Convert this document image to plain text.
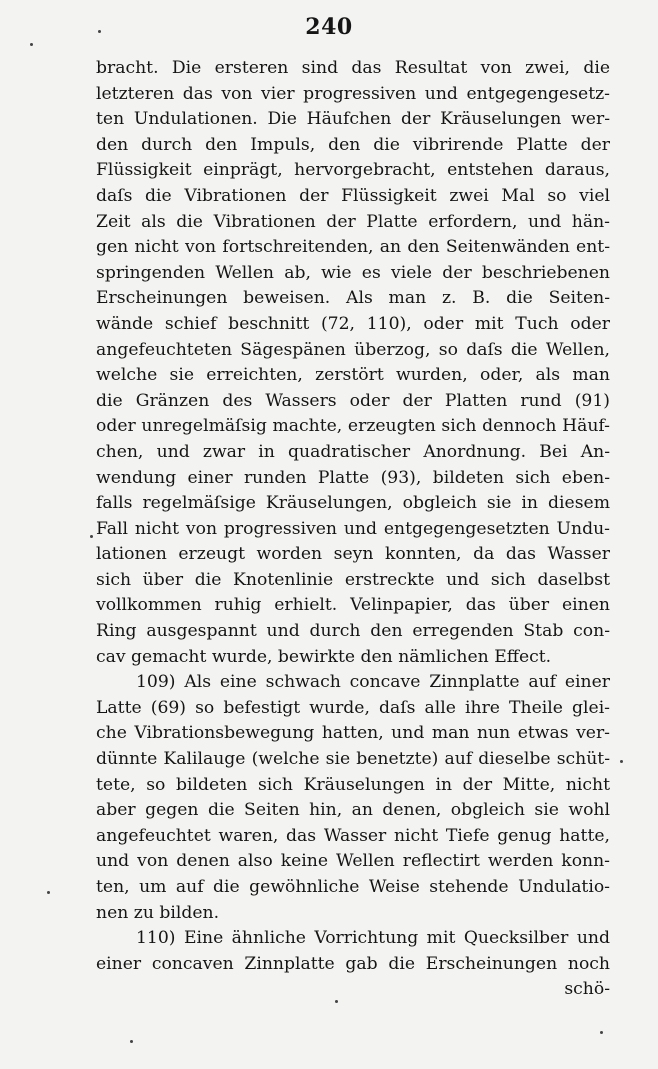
240
bracht. Die ersteren sind das Resultat von zwei, die
letzteren das von vier progressiven und entgegengesetz-
ten Undulationen. Die Häufchen der Kräuselungen wer-
den durch den Impuls, den die vibrirende Platte der
Flüssigkeit einprägt, hervorgebracht, entstehen daraus,
daſs die Vibrationen der Flüssigkeit zwei Mal so viel
Zeit als die Vibrationen der Platte erfordern, und hän-
gen nicht von fortschreitenden, an den Seitenwänden ent-
springenden Wellen ab, wie es viele der beschriebenen
Erscheinungen beweisen. Als man z. B. die Seiten-
wände schief beschnitt (72, 110), oder mit Tuch oder
angefeuchteten Sägespänen überzog, so daſs die Wellen,
welche sie erreichten, zerstört wurden, oder, als man
die Gränzen des Wassers oder der Platten rund (91)
oder unregelmäſsig machte, erzeugten sich dennoch Häuf-
chen, und zwar in quadratischer Anordnung. Bei An-
wendung einer runden Platte (93), bildeten sich eben-
falls regelmäſsige Kräuselungen, obgleich sie in diesem
Fall nicht von progressiven und entgegengesetzten Undu-
lationen erzeugt worden seyn konnten, da das Wasser
sich über die Knotenlinie erstreckte und sich daselbst
vollkommen ruhig erhielt. Velinpapier, das über einen
Ring ausgespannt und durch den erregenden Stab con-
cav gemacht wurde, bewirkte den nämlichen Effect.
109) Als eine schwach concave Zinnplatte auf einer
Latte (69) so befestigt wurde, daſs alle ihre Theile glei-
che Vibrationsbewegung hatten, und man nun etwas ver-
dünnte Kalilauge (welche sie benetzte) auf dieselbe schüt-
tete, so bildeten sich Kräuselungen in der Mitte, nicht
aber gegen die Seiten hin, an denen, obgleich sie wohl
angefeuchtet waren, das Wasser nicht Tiefe genug hatte,
und von denen also keine Wellen reflectirt werden konn-
ten, um auf die gewöhnliche Weise stehende Undulatio-
nen zu bilden.
110) Eine ähnliche Vorrichtung mit Quecksilber und
einer concaven Zinnplatte gab die Erscheinungen noch
schö-
